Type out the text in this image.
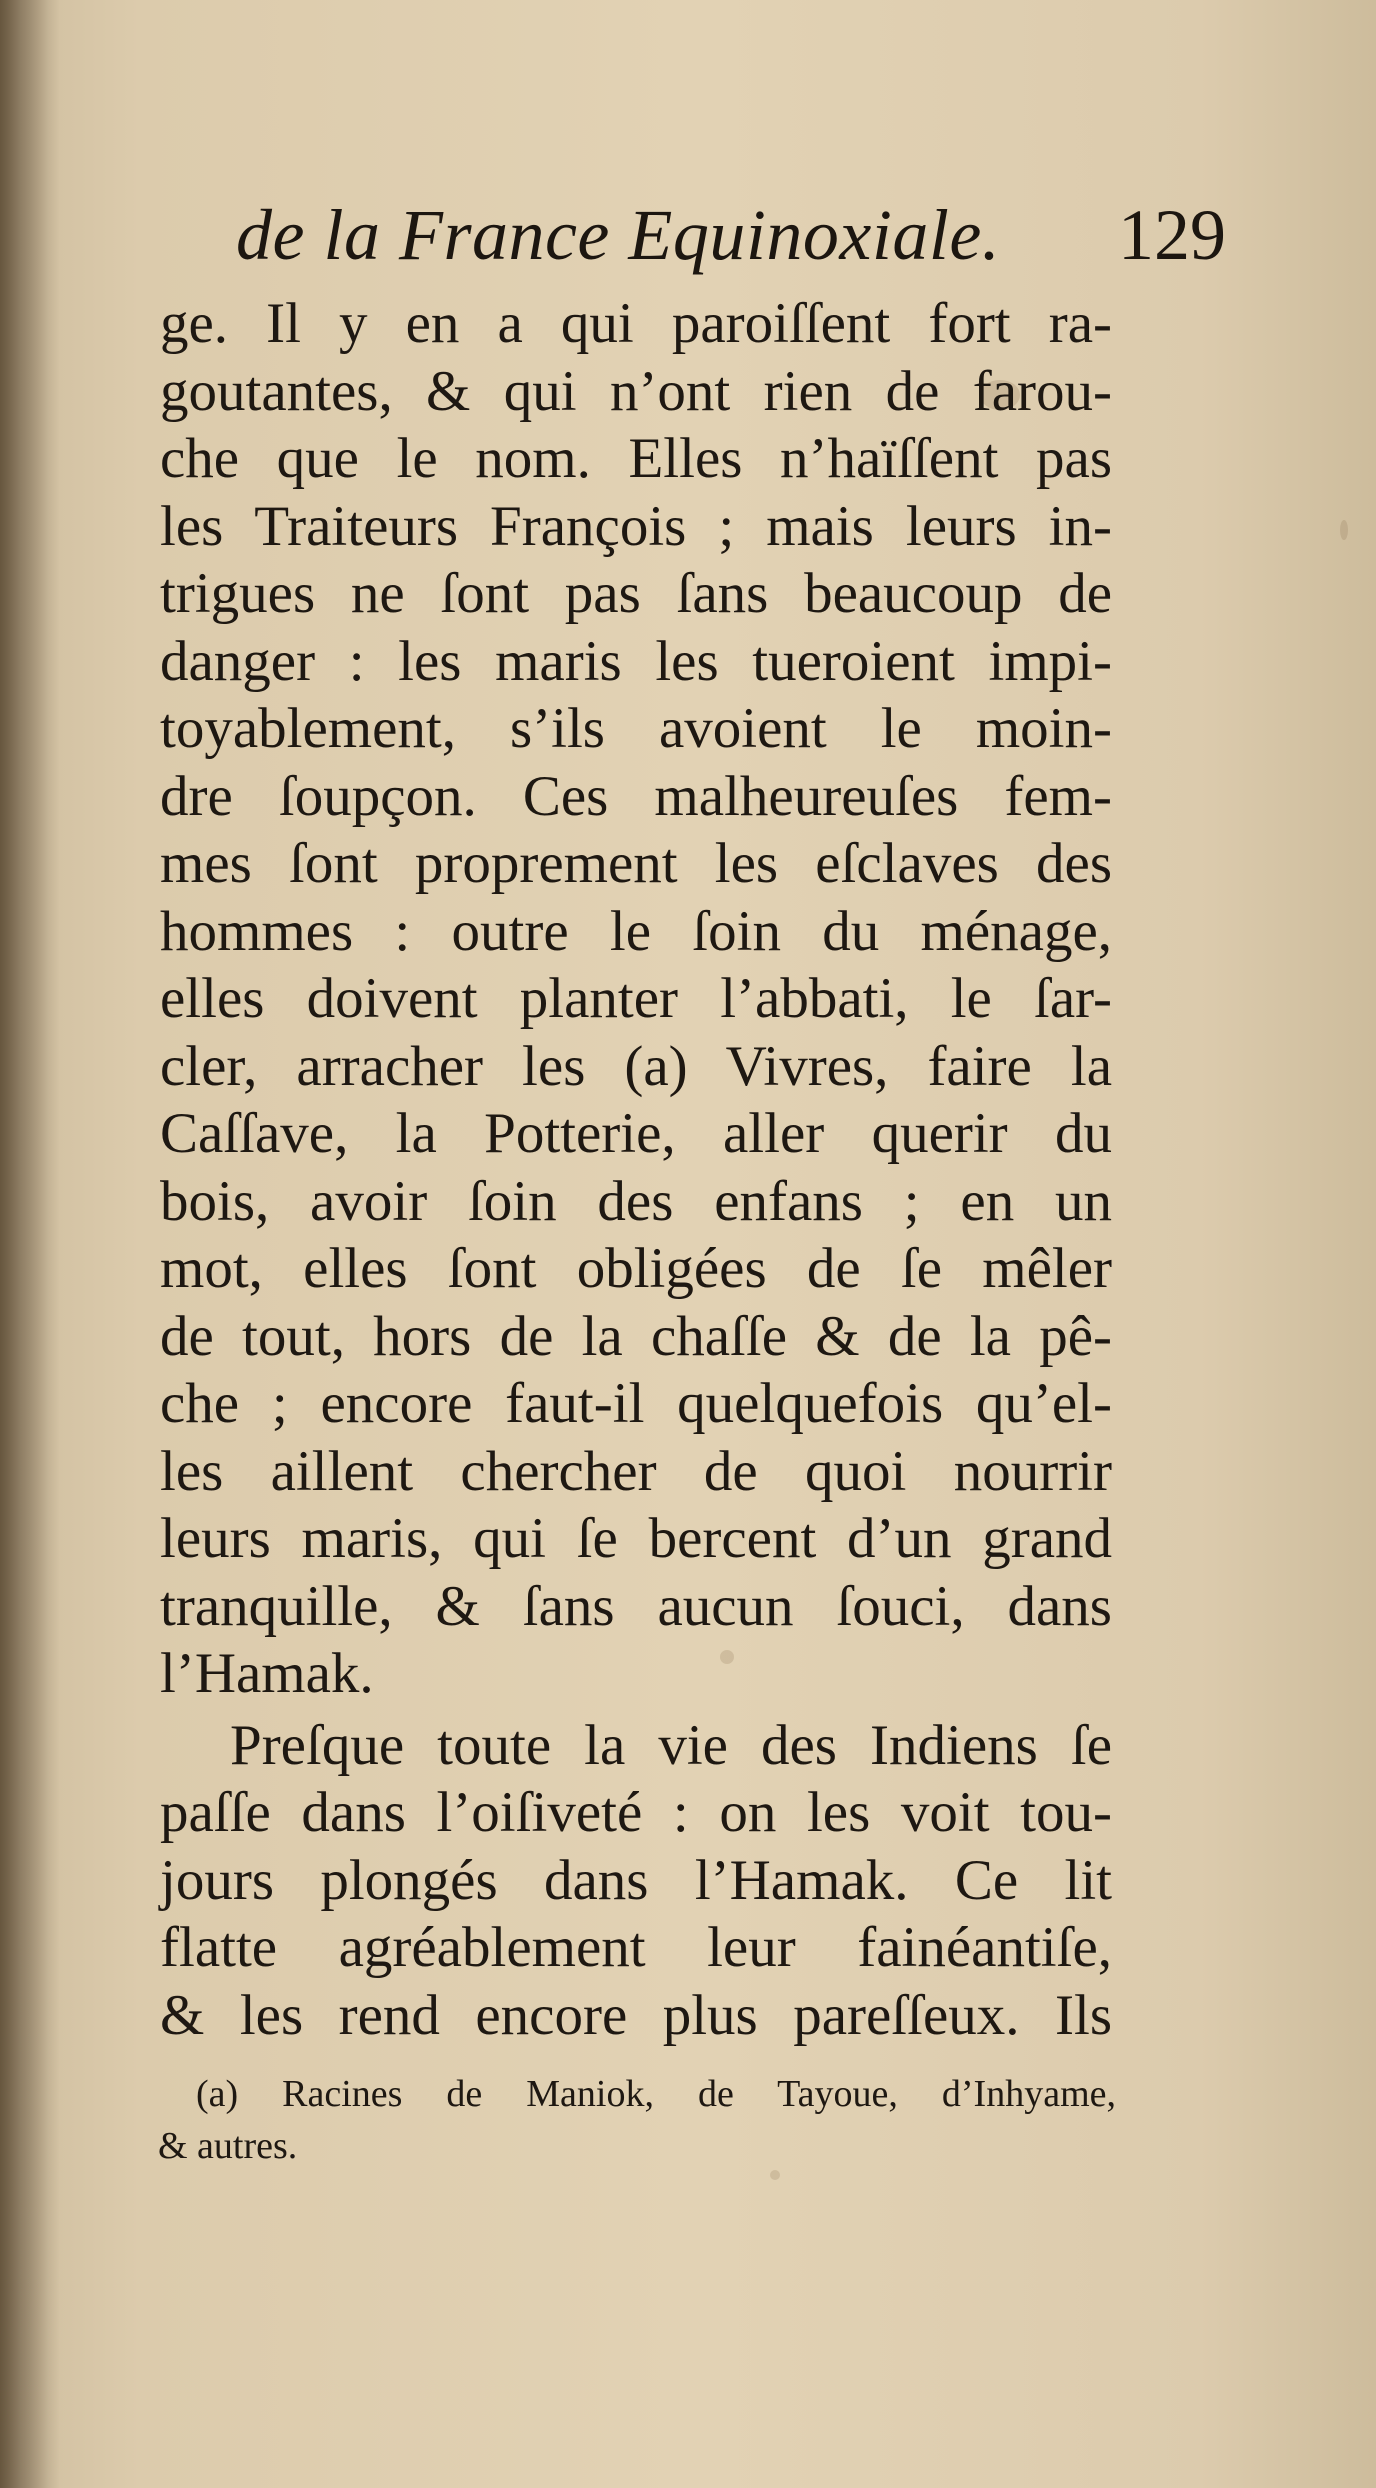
de la France Equinoxiale. 129
ge. Il y en a qui paroiſſent fort ra-
goutantes, & qui n’ont rien de farou-
che que le nom. Elles n’haïſſent pas
les Traiteurs François ; mais leurs in-
trigues ne ſont pas ſans beaucoup de
danger : les maris les tueroient impi-
toyablement, s’ils avoient le moin-
dre ſoupçon. Ces malheureuſes fem-
mes ſont proprement les eſclaves des
hommes : outre le ſoin du ménage,
elles doivent planter l’abbati, le ſar-
cler, arracher les (a) Vivres, faire la
Caſſave, la Potterie, aller querir du
bois, avoir ſoin des enfans ; en un
mot, elles ſont obligées de ſe mêler
de tout, hors de la chaſſe & de la pê-
che ; encore faut-il quelquefois qu’el-
les aillent chercher de quoi nourrir
leurs maris, qui ſe bercent d’un grand
tranquille, & ſans aucun ſouci, dans
l’Hamak.
Preſque toute la vie des Indiens ſe
paſſe dans l’oiſiveté : on les voit tou-
jours plongés dans l’Hamak. Ce lit
flatte agréablement leur fainéantiſe,
& les rend encore plus pareſſeux. Ils
(a) Racines de Maniok, de Tayoue, d’Inhyame,
& autres.
